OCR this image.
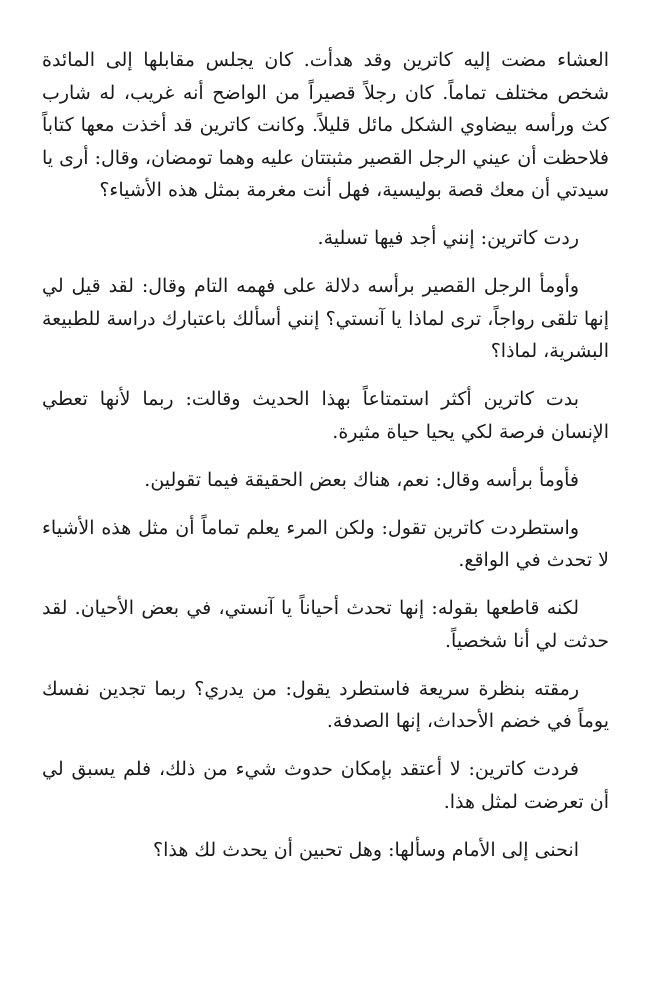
العشاء مضت إليه كاترين وقد هدأت. كان يجلس مقابلها إلى المائدة شخص مختلف تماماً. كان رجلاً قصيراً من الواضح أنه غريب، له شارب كث ورأسه بيضاوي الشكل مائل قليلاً. وكانت كاترين قد أخذت معها كتاباً فلاحظت أن عيني الرجل القصير مثبتتان عليه وهما تومضان، وقال: أرى يا سيدتي أن معك قصة بوليسية، فهل أنت مغرمة بمثل هذه الأشياء؟

ردت كاترين: إنني أجد فيها تسلية.

وأومأ الرجل القصير برأسه دلالة على فهمه التام وقال: لقد قيل لي إنها تلقى رواجاً، ترى لماذا يا آنستي؟ إنني أسألك باعتبارك دراسة للطبيعة البشرية، لماذا؟

بدت كاترين أكثر استمتاعاً بهذا الحديث وقالت: ربما لأنها تعطي الإنسان فرصة لكي يحيا حياة مثيرة.

فأومأ برأسه وقال: نعم، هناك بعض الحقيقة فيما تقولين.

واستطردت كاترين تقول: ولكن المرء يعلم تماماً أن مثل هذه الأشياء لا تحدث في الواقع.

لكنه قاطعها بقوله: إنها تحدث أحياناً يا آنستي، في بعض الأحيان. لقد حدثت لي أنا شخصياً.

رمقته بنظرة سريعة فاستطرد يقول: من يدري؟ ربما تجدين نفسك يوماً في خضم الأحداث، إنها الصدفة.

فردت كاترين: لا أعتقد بإمكان حدوث شيء من ذلك، فلم يسبق لي أن تعرضت لمثل هذا.

انحنى إلى الأمام وسألها: وهل تحبين أن يحدث لك هذا؟
